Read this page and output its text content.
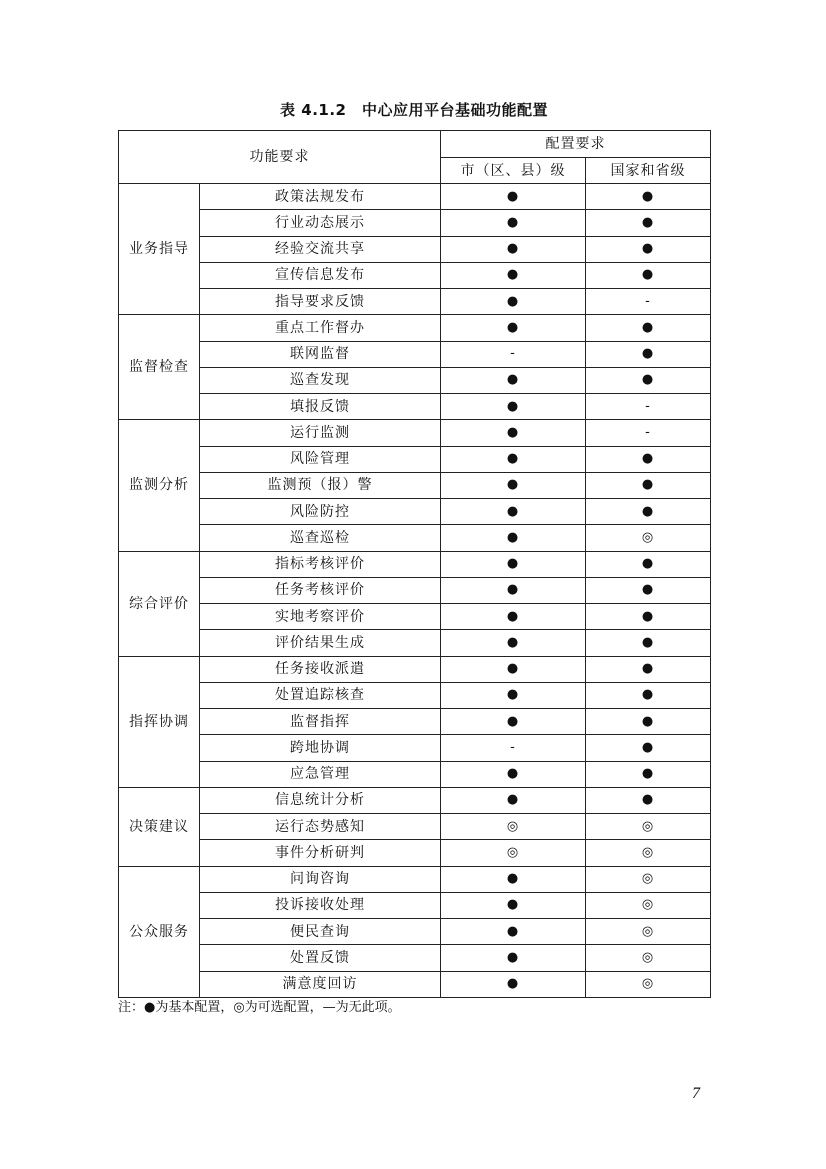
表 4.1.2　中心应用平台基础功能配置
功能要求		配置要求	
		市（区、县）级	国家和省级
业务指导	政策法规发布	●	●
	行业动态展示	●	●
	经验交流共享	●	●
	宣传信息发布	●	●
	指导要求反馈	●	-
监督检查	重点工作督办	●	●
	联网监督	-	●
	巡查发现	●	●
	填报反馈	●	-
监测分析	运行监测	●	-
	风险管理	●	●
	监测预（报）警	●	●
	风险防控	●	●
	巡查巡检	●	◎
综合评价	指标考核评价	●	●
	任务考核评价	●	●
	实地考察评价	●	●
	评价结果生成	●	●
指挥协调	任务接收派遣	●	●
	处置追踪核查	●	●
	监督指挥	●	●
	跨地协调	-	●
	应急管理	●	●
决策建议	信息统计分析	●	●
	运行态势感知	◎	◎
	事件分析研判	◎	◎
公众服务	问询咨询	●	◎
	投诉接收处理	●	◎
	便民查询	●	◎
	处置反馈	●	◎
	满意度回访	●	◎
注：●为基本配置，◎为可选配置，—为无此项。
7
